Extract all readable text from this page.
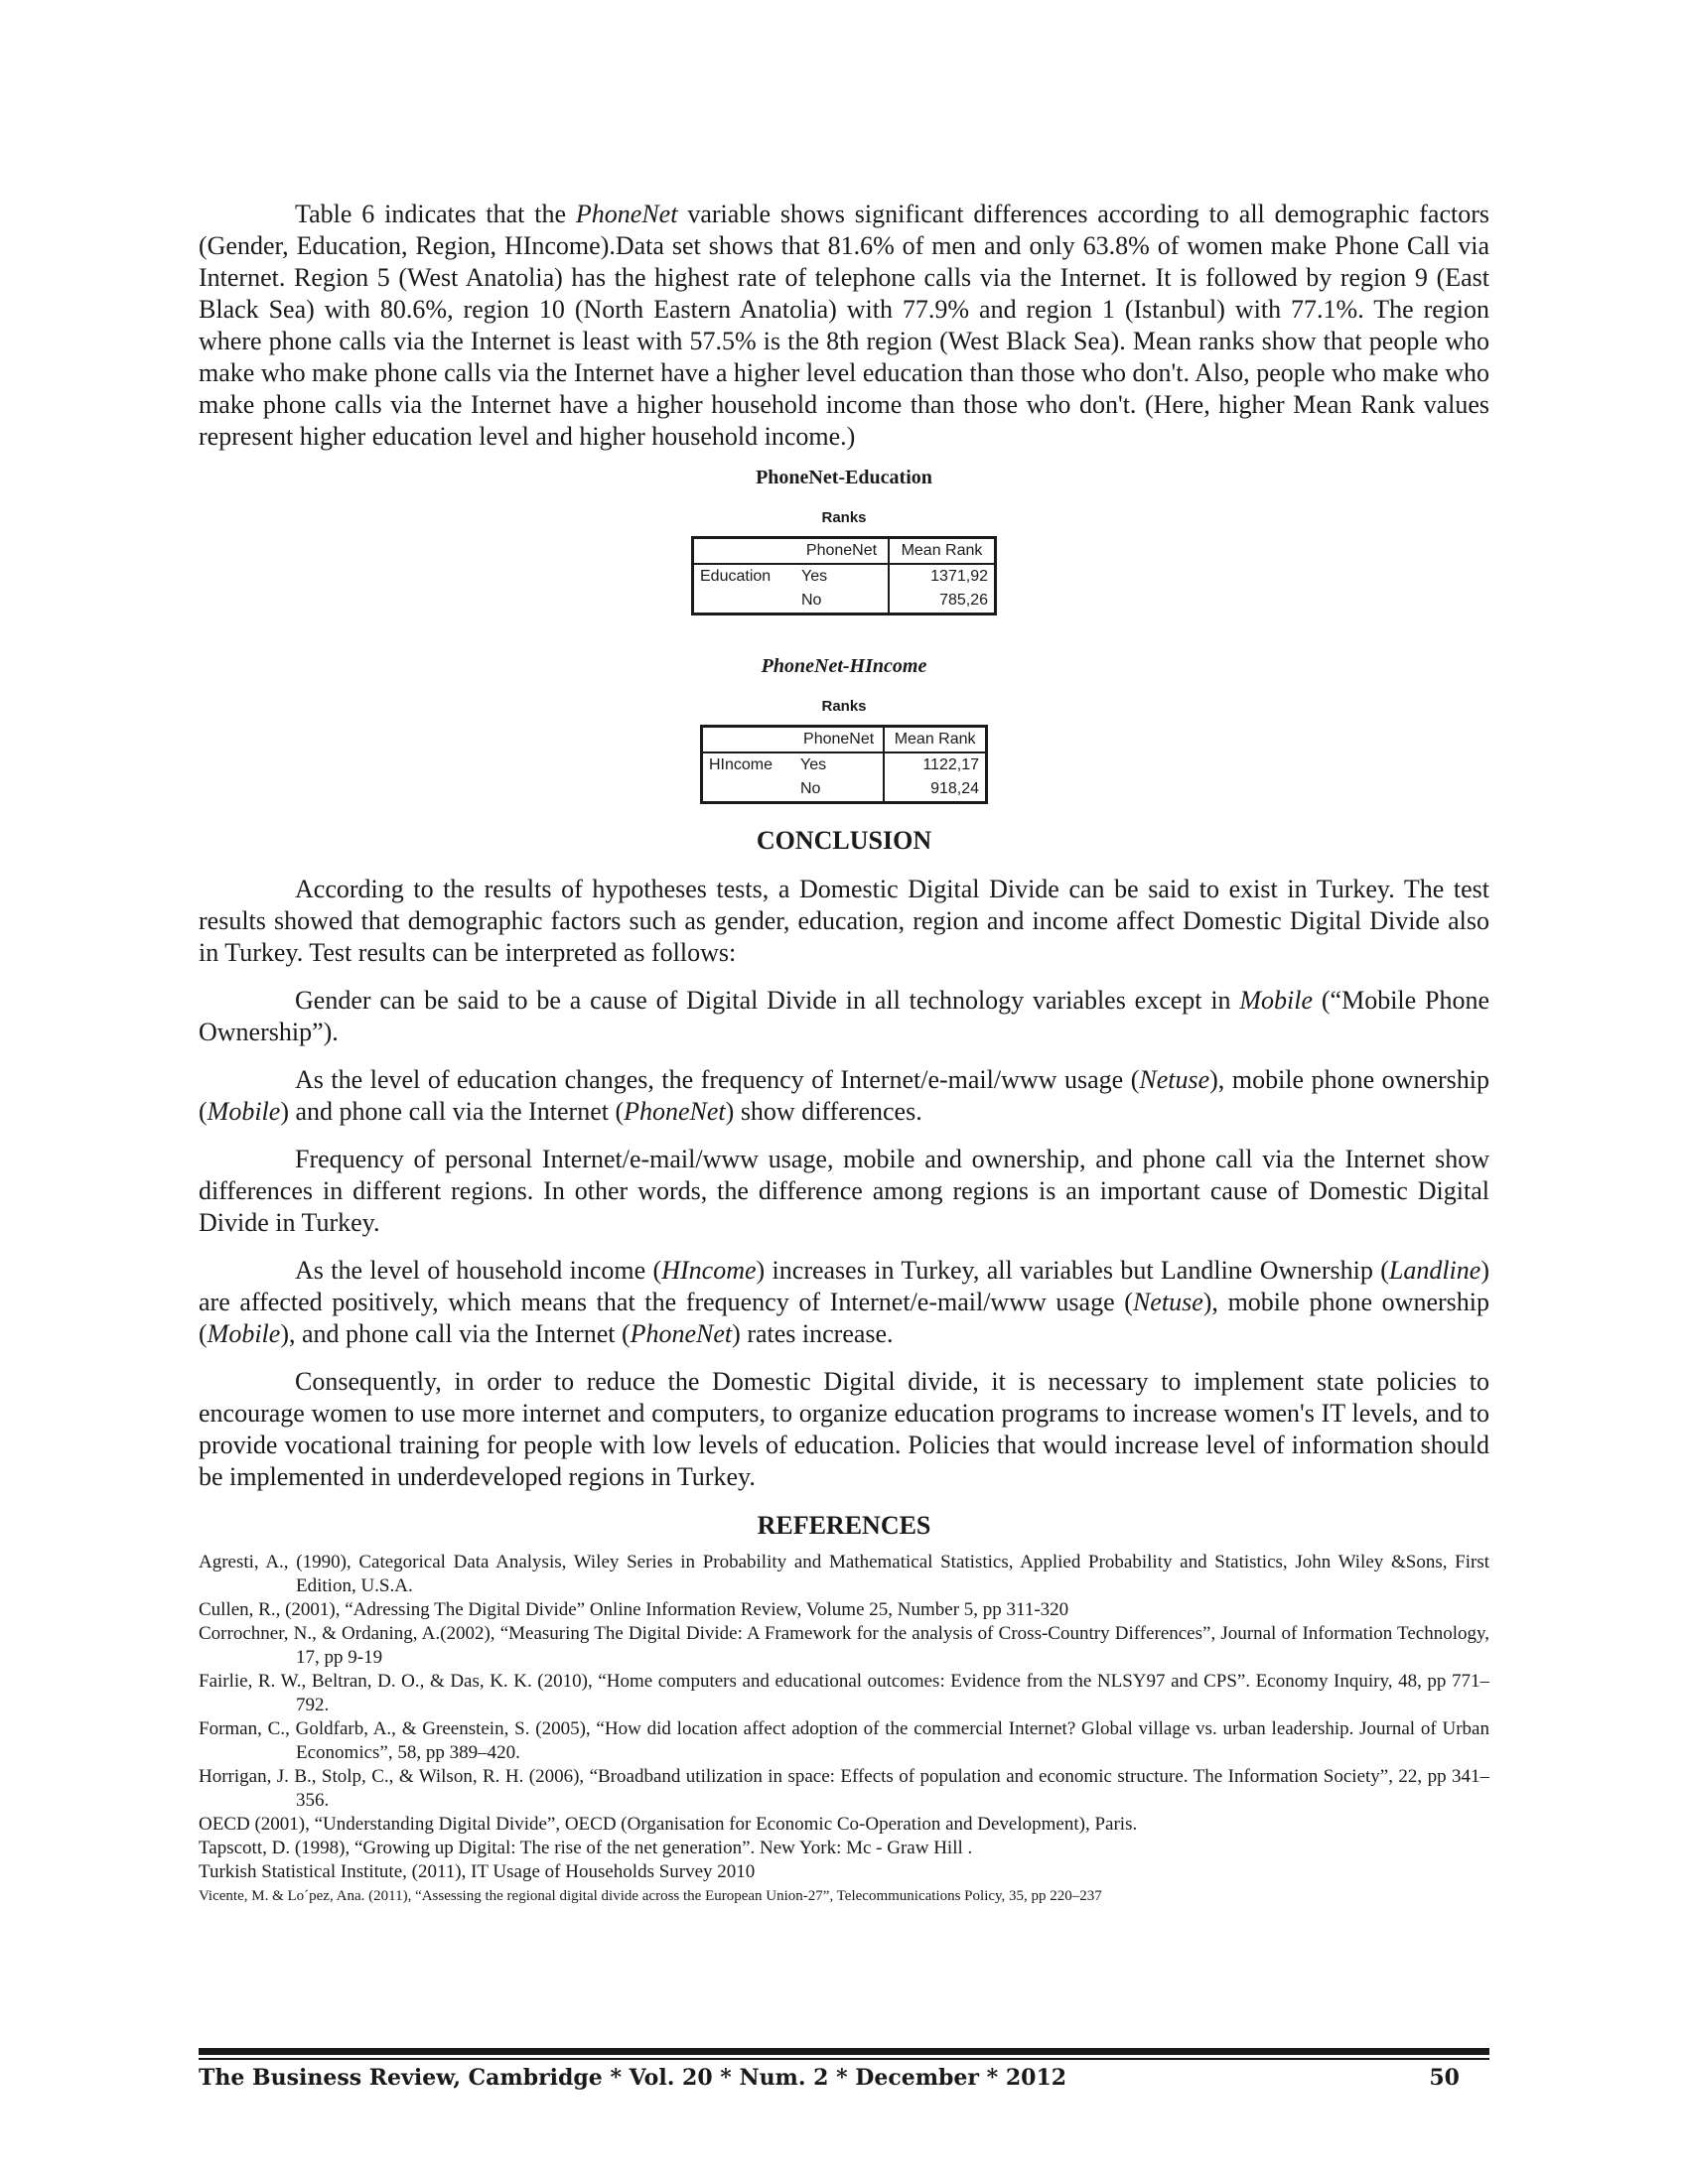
Table 6 indicates that the PhoneNet variable shows significant differences according to all demographic factors (Gender, Education, Region, HIncome).Data set shows that 81.6% of men and only 63.8% of women make Phone Call via Internet. Region 5 (West Anatolia) has the highest rate of telephone calls via the Internet. It is followed by region 9 (East Black Sea) with 80.6%, region 10 (North Eastern Anatolia) with 77.9% and region 1 (Istanbul) with 77.1%. The region where phone calls via the Internet is least with 57.5% is the 8th region (West Black Sea). Mean ranks show that people who make who make phone calls via the Internet have a higher level education than those who don't. Also, people who make who make phone calls via the Internet have a higher household income than those who don't. (Here, higher Mean Rank values represent higher education level and higher household income.)

PhoneNet-Education

Ranks

	PhoneNet	Mean Rank
Education	Yes	1371,92
	No	785,26

PhoneNet-HIncome

Ranks

	PhoneNet	Mean Rank
HIncome	Yes	1122,17
	No	918,24
CONCLUSION

According to the results of hypotheses tests, a Domestic Digital Divide can be said to exist in Turkey. The test results showed that demographic factors such as gender, education, region and income affect Domestic Digital Divide also in Turkey. Test results can be interpreted as follows:

Gender can be said to be a cause of Digital Divide in all technology variables except in Mobile (“Mobile Phone Ownership”).

As the level of education changes, the frequency of Internet/e-mail/www usage (Netuse), mobile phone ownership (Mobile) and phone call via the Internet (PhoneNet) show differences.

Frequency of personal Internet/e-mail/www usage, mobile and ownership, and phone call via the Internet show differences in different regions. In other words, the difference among regions is an important cause of Domestic Digital Divide in Turkey.

As the level of household income (HIncome) increases in Turkey, all variables but Landline Ownership (Landline) are affected positively, which means that the frequency of Internet/e-mail/www usage (Netuse), mobile phone ownership (Mobile), and phone call via the Internet (PhoneNet) rates increase.

Consequently, in order to reduce the Domestic Digital divide, it is necessary to implement state policies to encourage women to use more internet and computers, to organize education programs to increase women's IT levels, and to provide vocational training for people with low levels of education. Policies that would increase level of information should be implemented in underdeveloped regions in Turkey.

REFERENCES

Agresti, A., (1990), Categorical Data Analysis, Wiley Series in Probability and Mathematical Statistics, Applied Probability and Statistics, John Wiley &Sons, First Edition, U.S.A.

Cullen, R., (2001), “Adressing The Digital Divide” Online Information Review, Volume 25, Number 5, pp 311-320

Corrochner, N., & Ordaning, A.(2002), “Measuring The Digital Divide: A Framework for the analysis of Cross-Country Differences”, Journal of Information Technology, 17, pp 9-19

Fairlie, R. W., Beltran, D. O., & Das, K. K. (2010), “Home computers and educational outcomes: Evidence from the NLSY97 and CPS”. Economy Inquiry, 48, pp 771–792.

Forman, C., Goldfarb, A., & Greenstein, S. (2005), “How did location affect adoption of the commercial Internet? Global village vs. urban leadership. Journal of Urban Economics”, 58, pp 389–420.

Horrigan, J. B., Stolp, C., & Wilson, R. H. (2006), “Broadband utilization in space: Effects of population and economic structure. The Information Society”, 22, pp 341–356.

OECD (2001), “Understanding Digital Divide”, OECD (Organisation for Economic Co-Operation and Development), Paris.

Tapscott, D. (1998), “Growing up Digital: The rise of the net generation”. New York: Mc - Graw Hill .

Turkish Statistical Institute, (2011), IT Usage of Households Survey 2010

Vicente, M. & Lo´pez, Ana. (2011), “Assessing the regional digital divide across the European Union-27”, Telecommunications Policy, 35, pp 220–237

The Business Review, Cambridge * Vol. 20 * Num. 2 * December * 2012	50
